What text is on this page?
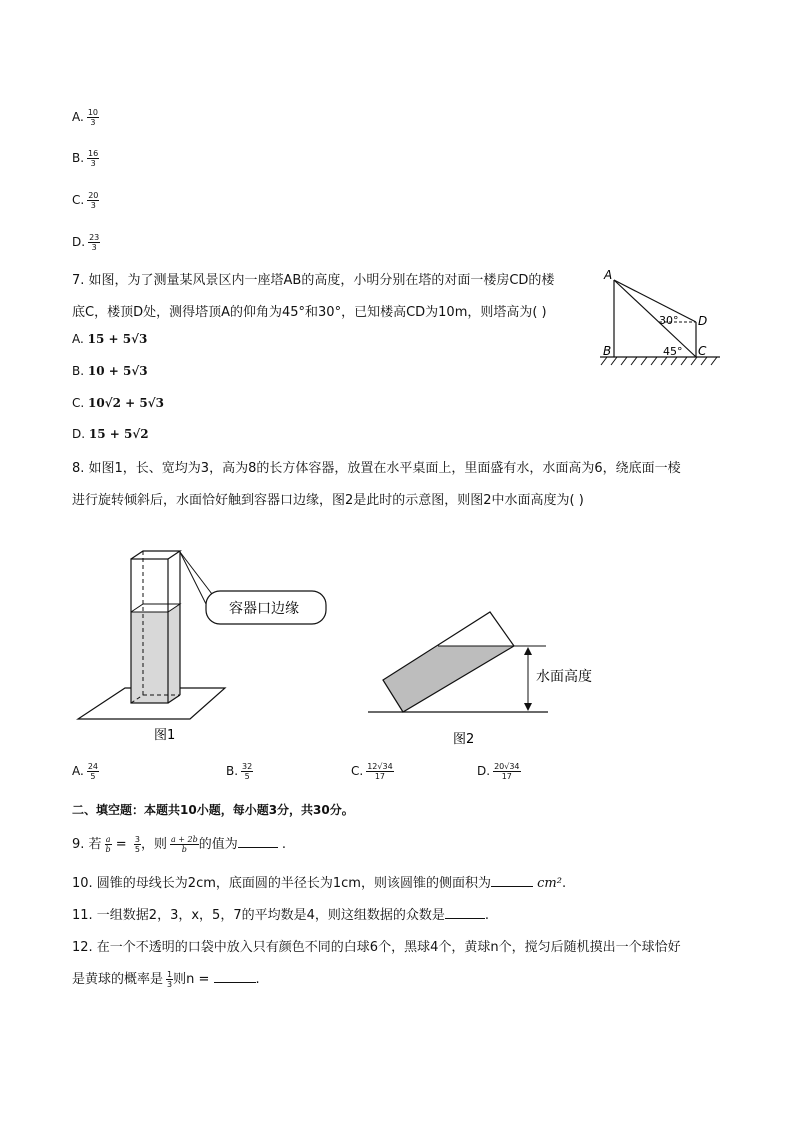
A. $\frac{10}{3}$
B. $\frac{16}{3}$
C. $\frac{20}{3}$
D. $\frac{23}{3}$
7. 如图，为了测量某风景区内一座塔AB的高度，小明分别在塔的对面一楼房CD的楼
底C，楼顶D处，测得塔顶A的仰角为45°和30°，已知楼高CD为10m，则塔高为( )
A. 15 + 5√3
B. 10 + 5√3
C. 10√2 + 5√3
D. 15 + 5√2
A
B	C
D
30°
45°
8. 如图1，长、宽均为3，高为8的长方体容器，放置在水平桌面上，里面盛有水，水面高为6，绕底面一棱
进行旋转倾斜后，水面恰好触到容器口边缘，图2是此时的示意图，则图2中水面高度为( )
容器口边缘
图1
水面高度
图2
A. $\frac{24}{5}$	B. $\frac{32}{5}$	C. $\frac{12√34}{17}$	D. $\frac{20√34}{17}$
二、填空题：本题共10小题，每小题3分，共30分。
9. 若 $\frac{a}{b} = \frac{3}{5}$ ，则 $\frac{a + 2b}{b}$ 的值为	.
10. 圆锥的母线长为2cm，底面圆的半径长为1cm，则该圆锥的侧面积为	cm².
11. 一组数据2，3，x，5，7的平均数是4，则这组数据的众数是	.
12. 在一个不透明的口袋中放入只有颜色不同的白球6个，黑球4个，黄球n个，搅匀后随机摸出一个球恰好
是黄球的概率是 $\frac{1}{3}$ 则n =	.
